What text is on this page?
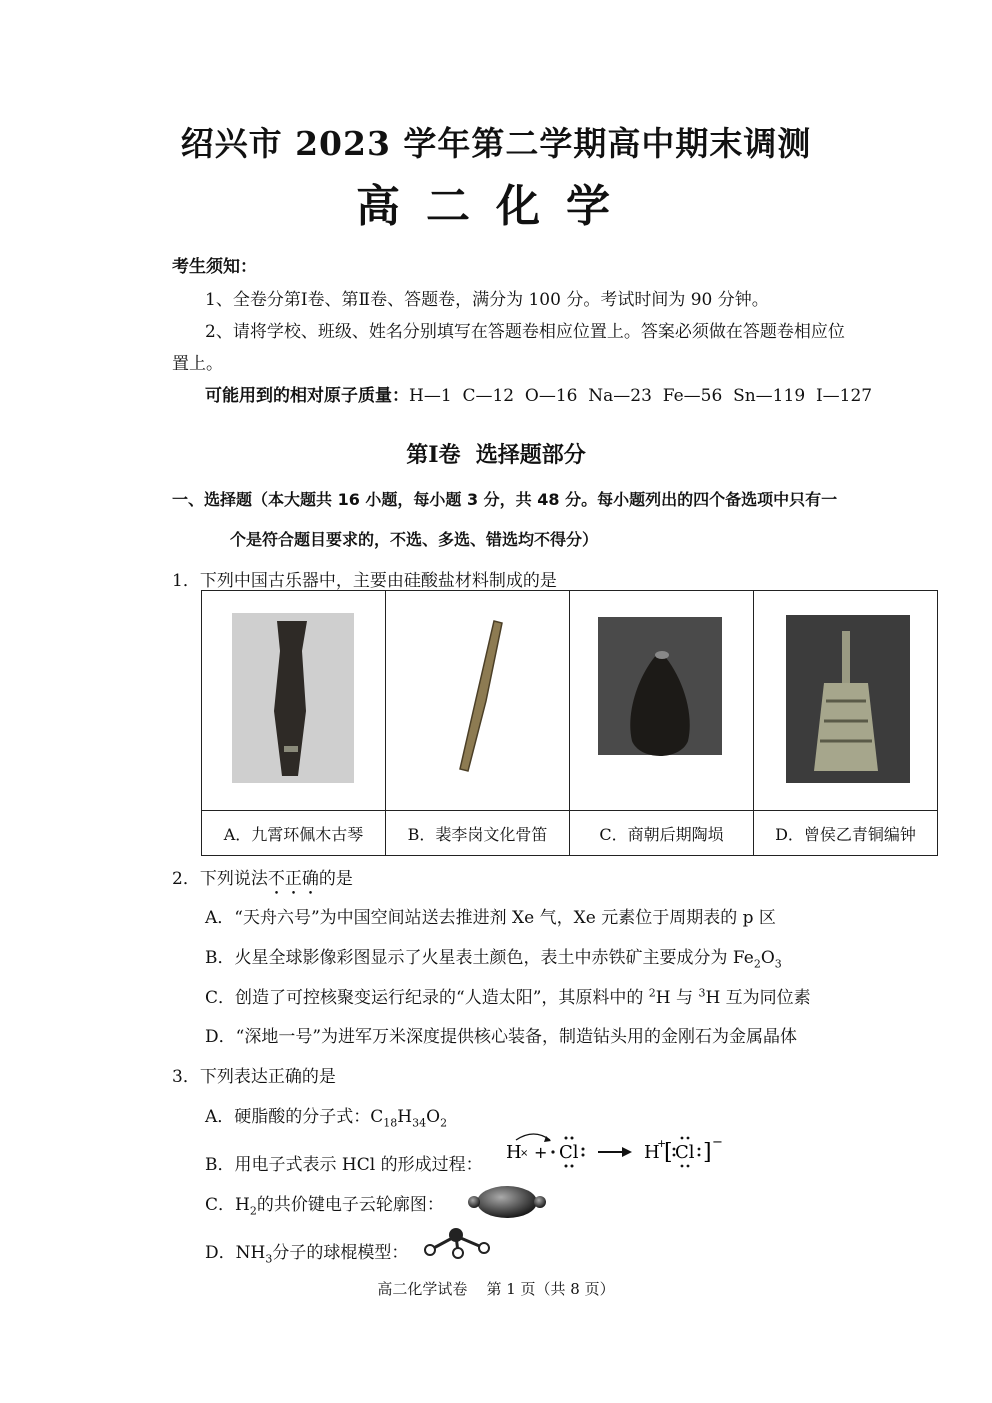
绍兴市 2023 学年第二学期高中期末调测
高二化学
考生须知：
1、全卷分第Ⅰ卷、第Ⅱ卷、答题卷，满分为 100 分。考试时间为 90 分钟。
2、请将学校、班级、姓名分别填写在答题卷相应位置上。答案必须做在答题卷相应位
置上。
可能用到的相对原子质量：H—1  C—12  O—16  Na—23  Fe—56  Sn—119  I—127
第Ⅰ卷  选择题部分
一、选择题（本大题共 16 小题，每小题 3 分，共 48 分。每小题列出的四个备选项中只有一
个是符合题目要求的，不选、多选、错选均不得分）
1．下列中国古乐器中，主要由硅酸盐材料制成的是

A．九霄环佩木古琴	B．裴李岗文化骨笛	C．商朝后期陶埙	D．曾侯乙青铜编钟
2．下列说法不正确的是
A．“天舟六号”为中国空间站送去推进剂 Xe 气，Xe 元素位于周期表的 p 区
B．火星全球影像彩图显示了火星表土颜色，表土中赤铁矿主要成分为 $Fe_2O_3$
C．创造了可控核聚变运行纪录的“人造太阳”，其原料中的 $^2$H 与 $^3$H 互为同位素
D．“深地一号”为进军万米深度提供核心装备，制造钻头用的金刚石为金属晶体
3．下列表达正确的是
A．硬脂酸的分子式：$C_{18}H_{34}O_2$
B．用电子式表示 HCl 的形成过程：
H
× + Cl	H
+
[ Cl ] −
C．$H_2$的共价键电子云轮廓图：
D．$NH_3$分子的球棍模型：
高二化学试卷    第 1 页（共 8 页）
